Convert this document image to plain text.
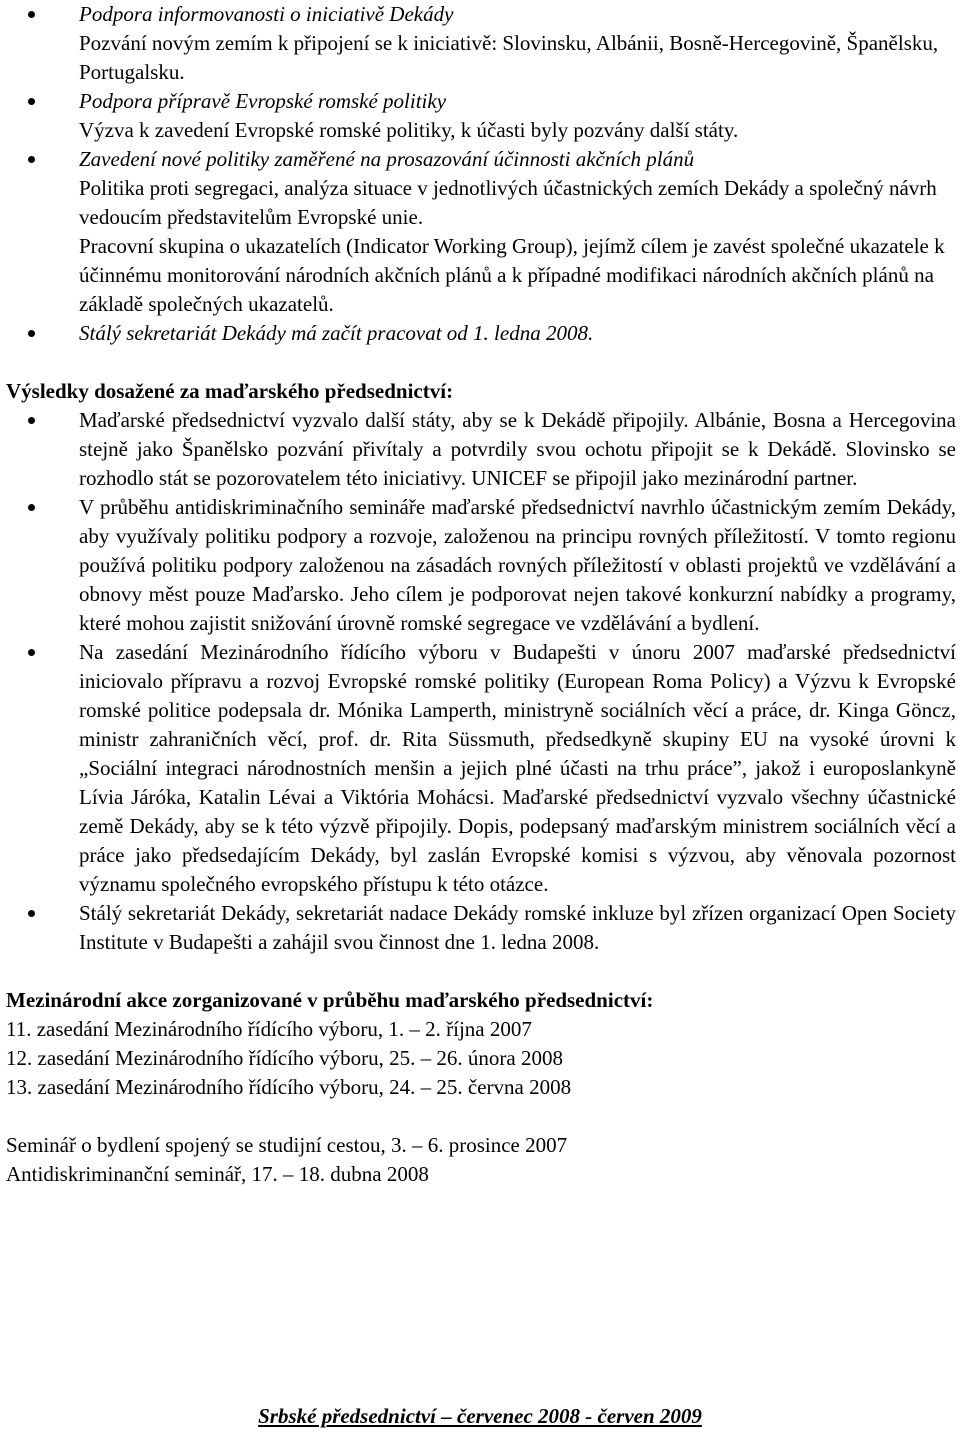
Podpora informovanosti o iniciativě Dekády
Pozvání novým zemím k připojení se k iniciativě: Slovinsku, Albánii, Bosně-Hercegovině, Španělsku, Portugalsku.
Podpora přípravě Evropské romské politiky
Výzva k zavedení Evropské romské politiky, k účasti byly pozvány další státy.
Zavedení nové politiky zaměřené na prosazování účinnosti akčních plánů
Politika proti segregaci, analýza situace v jednotlivých účastnických zemích Dekády a společný návrh vedoucím představitelům Evropské unie.
Pracovní skupina o ukazatelích (Indicator Working Group), jejímž cílem je zavést společné ukazatele k účinnému monitorování národních akčních plánů a k případné modifikaci národních akčních plánů na základě společných ukazatelů.
Stálý sekretariát Dekády má začít pracovat od 1. ledna 2008.
Výsledky dosažené za maďarského předsednictví:
Maďarské předsednictví vyzvalo další státy, aby se k Dekádě připojily. Albánie, Bosna a Hercegovina stejně jako Španělsko pozvání přivítaly a potvrdily svou ochotu připojit se k Dekádě. Slovinsko se rozhodlo stát se pozorovatelem této iniciativy. UNICEF se připojil jako mezinárodní partner.
V průběhu antidiskriminačního semináře maďarské předsednictví navrhlo účastnickým zemím Dekády, aby využívaly politiku podpory a rozvoje, založenou na principu rovných příležitostí. V tomto regionu používá politiku podpory založenou na zásadách rovných příležitostí v oblasti projektů ve vzdělávání a obnovy měst pouze Maďarsko. Jeho cílem je podporovat nejen takové konkurzní nabídky a programy, které mohou zajistit snižování úrovně romské segregace ve vzdělávání a bydlení.
Na zasedání Mezinárodního řídícího výboru v Budapešti v únoru 2007 maďarské předsednictví iniciovalo přípravu a rozvoj Evropské romské politiky (European Roma Policy) a Výzvu k Evropské romské politice podepsala dr. Mónika Lamperth, ministryně sociálních věcí a práce, dr. Kinga Göncz, ministr zahraničních věcí, prof. dr. Rita Süssmuth, předsedkyně skupiny EU na vysoké úrovni k „Sociální integraci národnostních menšin a jejich plné účasti na trhu práce”, jakož i europoslankyně Lívia Járóka, Katalin Lévai a Viktória Mohácsi. Maďarské předsednictví vyzvalo všechny účastnické země Dekády, aby se k této výzvě připojily. Dopis, podepsaný maďarským ministrem sociálních věcí a práce jako předsedajícím Dekády, byl zaslán Evropské komisi s výzvou, aby věnovala pozornost významu společného evropského přístupu k této otázce.
Stálý sekretariát Dekády, sekretariát nadace Dekády romské inkluze byl zřízen organizací Open Society Institute v Budapešti a zahájil svou činnost dne 1. ledna 2008.
Mezinárodní akce zorganizované v průběhu maďarského předsednictví:

11. zasedání Mezinárodního řídícího výboru, 1. – 2. října 2007

12. zasedání Mezinárodního řídícího výboru, 25. – 26. února 2008

13. zasedání Mezinárodního řídícího výboru, 24. – 25. června 2008

Seminář o bydlení spojený se studijní cestou, 3. – 6. prosince 2007

Antidiskriminanční seminář, 17. – 18. dubna 2008

Srbské předsednictví – červenec 2008 - červen 2009
